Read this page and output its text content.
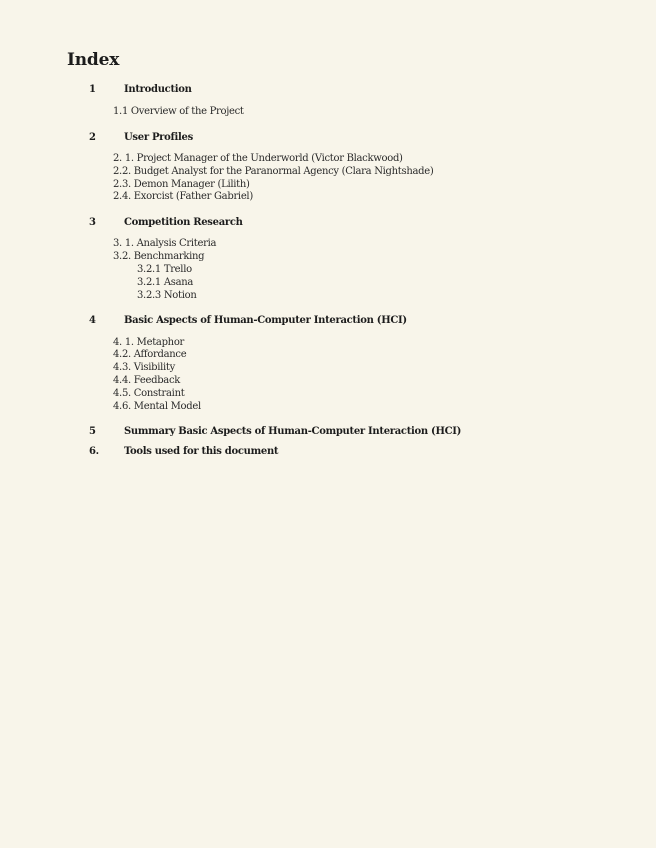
Index
1	Introduction
1.1 Overview of the Project
2	User Profiles
2. 1. Project Manager of the Underworld (Victor Blackwood)
2.2. Budget Analyst for the Paranormal Agency (Clara Nightshade)
2.3. Demon Manager (Lilith)
2.4. Exorcist (Father Gabriel)
3	Competition Research
3. 1. Analysis Criteria
3.2. Benchmarking
3.2.1 Trello
3.2.1 Asana
3.2.3 Notion
4	Basic Aspects of Human-Computer Interaction (HCI)
4. 1. Metaphor
4.2. Affordance
4.3. Visibility
4.4. Feedback
4.5. Constraint
4.6. Mental Model
5	Summary Basic Aspects of Human-Computer Interaction (HCI)
6.	Tools used for this document
